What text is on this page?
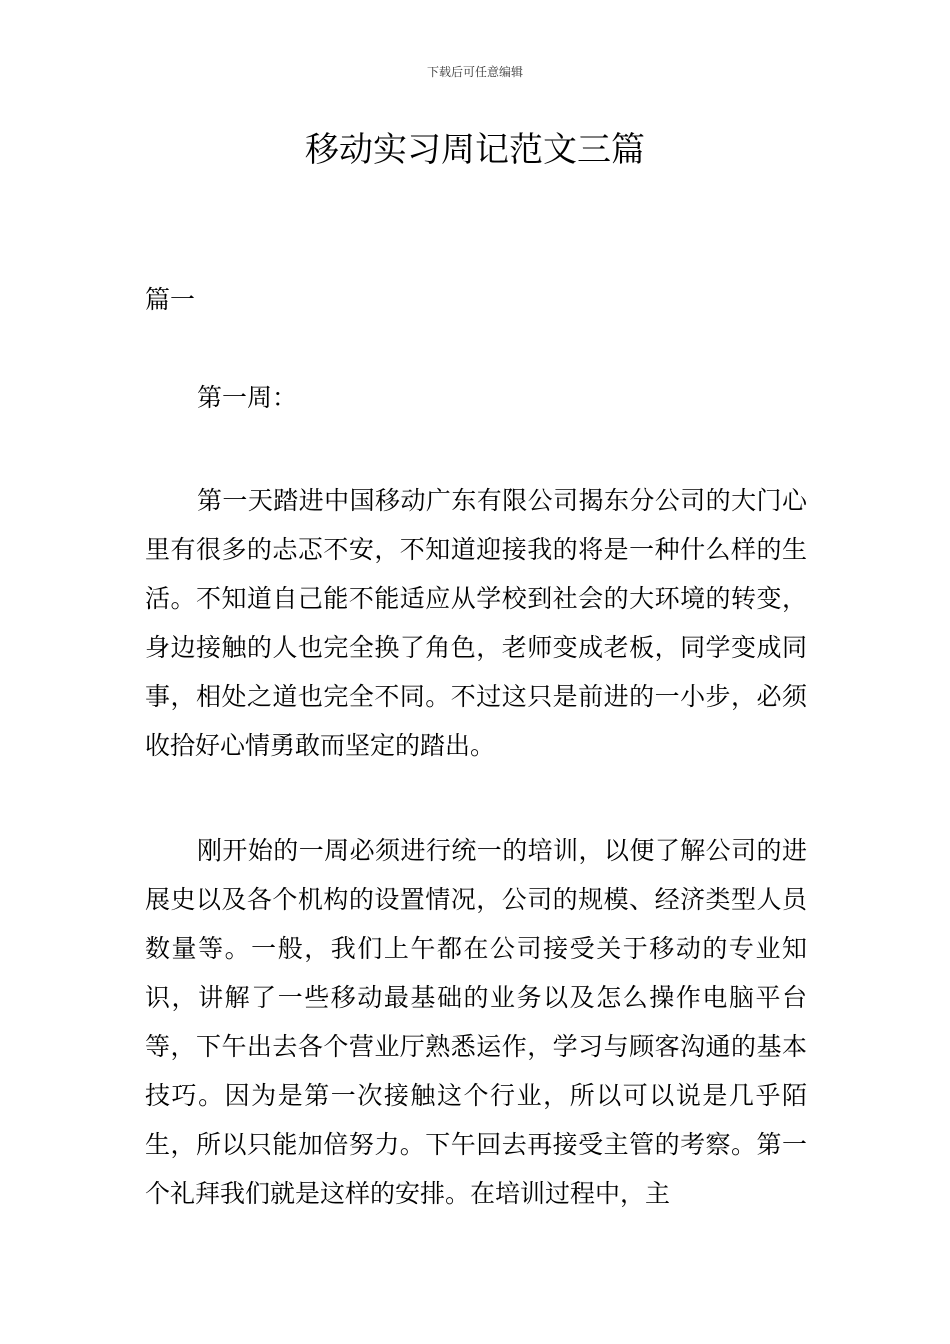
下载后可任意编辑
移动实习周记范文三篇
篇一
第一周：

第一天踏进中国移动广东有限公司揭东分公司的大门心里有很多的忐忑不安，不知道迎接我的将是一种什么样的生活。不知道自己能不能适应从学校到社会的大环境的转变，身边接触的人也完全换了角色，老师变成老板，同学变成同事，相处之道也完全不同。不过这只是前进的一小步，必须收拾好心情勇敢而坚定的踏出。

刚开始的一周必须进行统一的培训，以便了解公司的进展史以及各个机构的设置情况，公司的规模、经济类型人员数量等。一般，我们上午都在公司接受关于移动的专业知识，讲解了一些移动最基础的业务以及怎么操作电脑平台等，下午出去各个营业厅熟悉运作，学习与顾客沟通的基本技巧。因为是第一次接触这个行业，所以可以说是几乎陌生，所以只能加倍努力。下午回去再接受主管的考察。第一个礼拜我们就是这样的安排。在培训过程中，主
